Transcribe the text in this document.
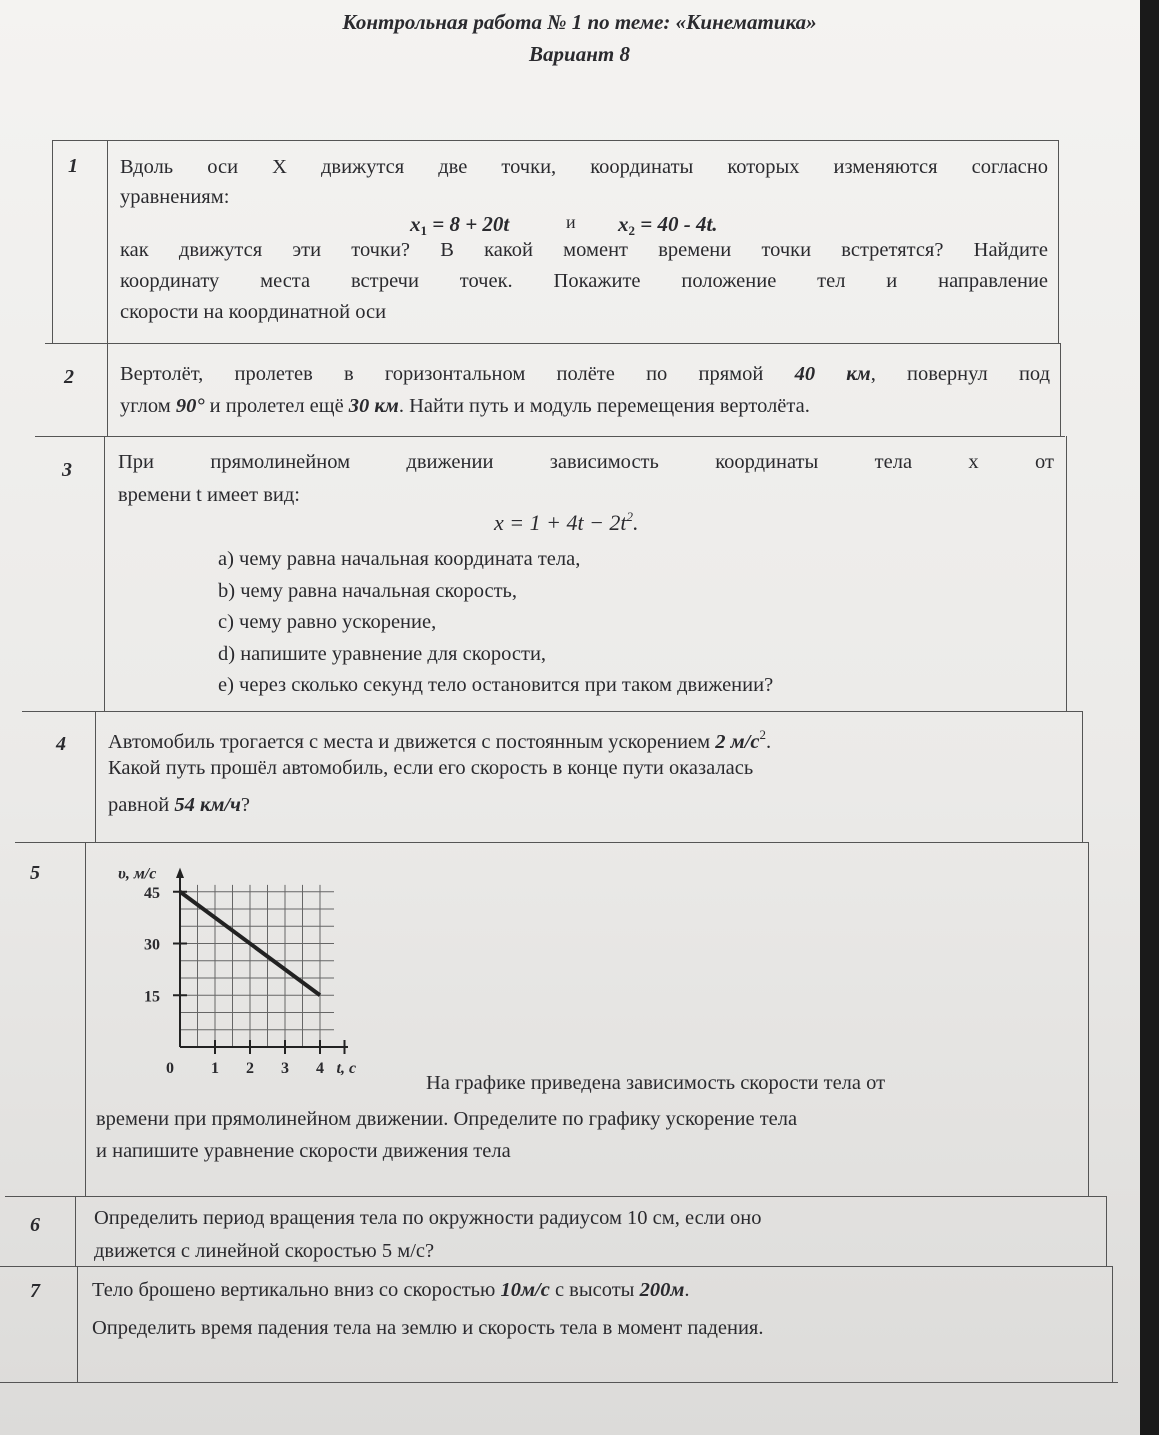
Контрольная работа № 1 по теме: «Кинематика»
Вариант 8
1 Вдоль оси X движутся две точки, координаты которых изменяются согласно
уравнениям:
$x_1 = 8 + 20t$	и $x_2 = 40 - 4t$.
как движутся эти точки? В какой момент времени точки встретятся? Найдите
координату места встречи точек. Покажите положение тел и направление
скорости на координатной оси
2 Вертолёт, пролетев в горизонтальном полёте по прямой 40 км, повернул под
углом 90° и пролетел ещё 30 км. Найти путь и модуль перемещения вертолёта.
3 При прямолинейном движении зависимость координаты тела x от
времени t имеет вид:
$x = 1 + 4t - 2t^2$.
a) чему равна начальная координата тела,
b) чему равна начальная скорость,
c) чему равно ускорение,
d) напишите уравнение для скорости,
e) через сколько секунд тело остановится при таком движении?
4 Автомобиль трогается с места и движется с постоянным ускорением 2 $м/с^2$.
Какой путь прошёл автомобиль, если его скорость в конце пути оказалась
равной 54 км/ч?
5
0 1 2 3 4
15
30
45
t, с
υ, м/с
На графике приведена зависимость скорости тела от
времени при прямолинейном движении. Определите по графику ускорение тела
и напишите уравнение скорости движения тела
6	Определить период вращения тела по окружности радиусом 10 см, если оно
движется с линейной скоростью 5 м/с?
7	Тело брошено вертикально вниз со скоростью 10м/с с высоты 200м.
Определить время падения тела на землю и скорость тела в момент падения.
